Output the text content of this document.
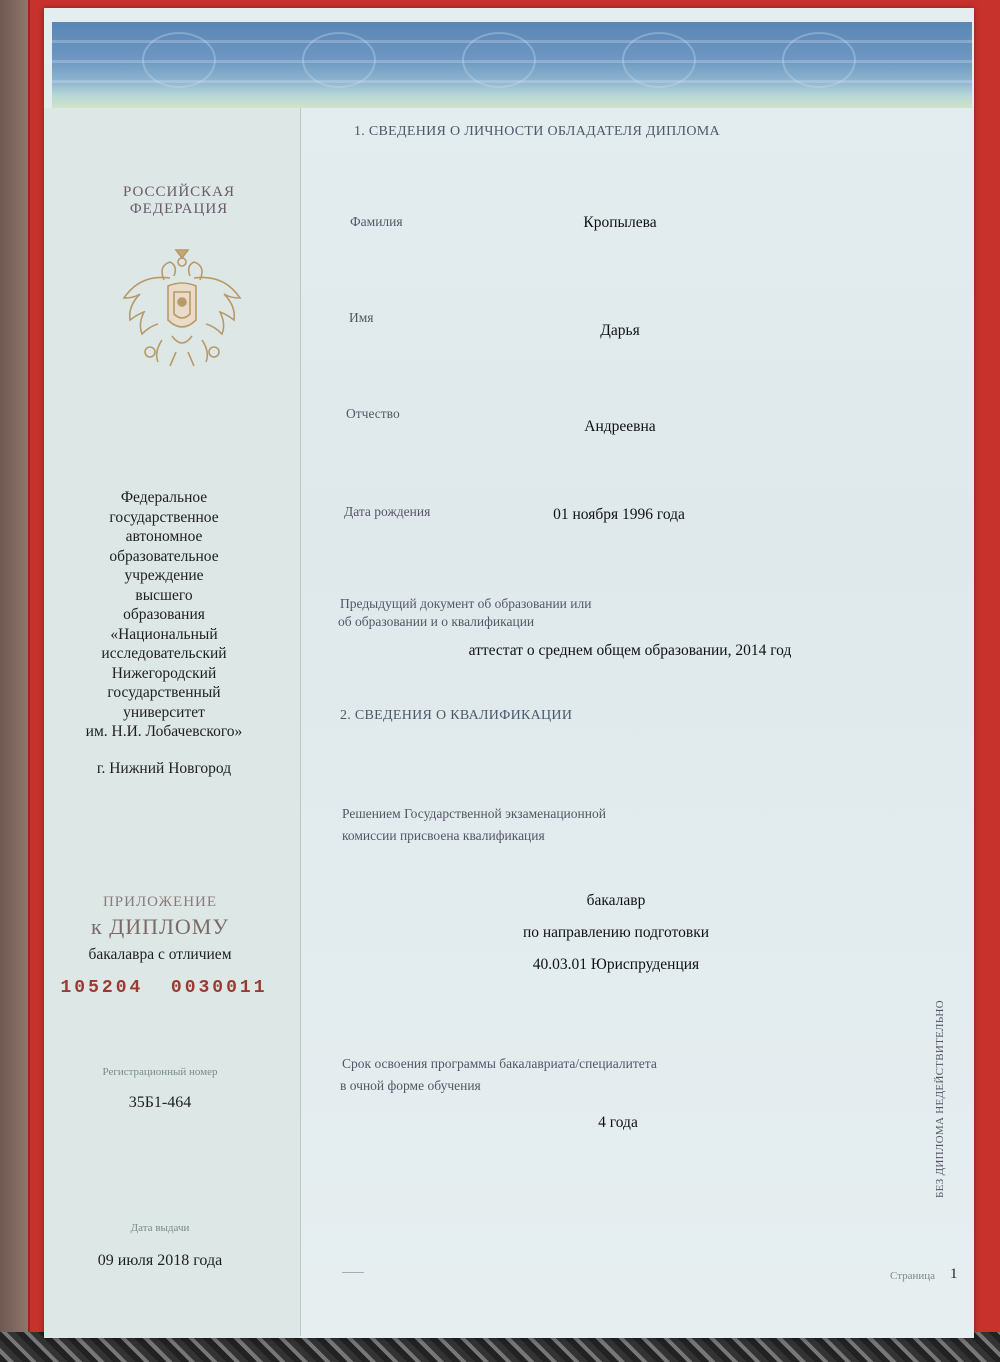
РОССИЙСКАЯ
ФЕДЕРАЦИЯ
Федеральное
государственное
автономное
образовательное
учреждение
высшего
образования
«Национальный
исследовательский
Нижегородский
государственный
университет
им. Н.И. Лобачевского»
г. Нижний Новгород
ПРИЛОЖЕНИЕ
к ДИПЛОМУ
бакалавра с отличием
105204  0030011
Регистрационный номер
35Б1-464
Дата выдачи
09 июля 2018 года
1. СВЕДЕНИЯ О ЛИЧНОСТИ ОБЛАДАТЕЛЯ ДИПЛОМА
Фамилия	Кропылева
Имя
Дарья
Отчество
Андреевна
Дата рождения	01 ноября 1996 года
Предыдущий документ об образовании или
об образовании и о квалификации
аттестат о среднем общем образовании, 2014 год
2. СВЕДЕНИЯ О КВАЛИФИКАЦИИ
Решением Государственной экзаменационной
комиссии присвоена квалификация
бакалавр
по направлению подготовки
40.03.01 Юриспруденция
Срок освоения программы бакалавриата/специалитета
в очной форме обучения
4 года	БЕЗ ДИПЛОМА НЕДЕЙСТВИТЕЛЬНО
Страница 1
